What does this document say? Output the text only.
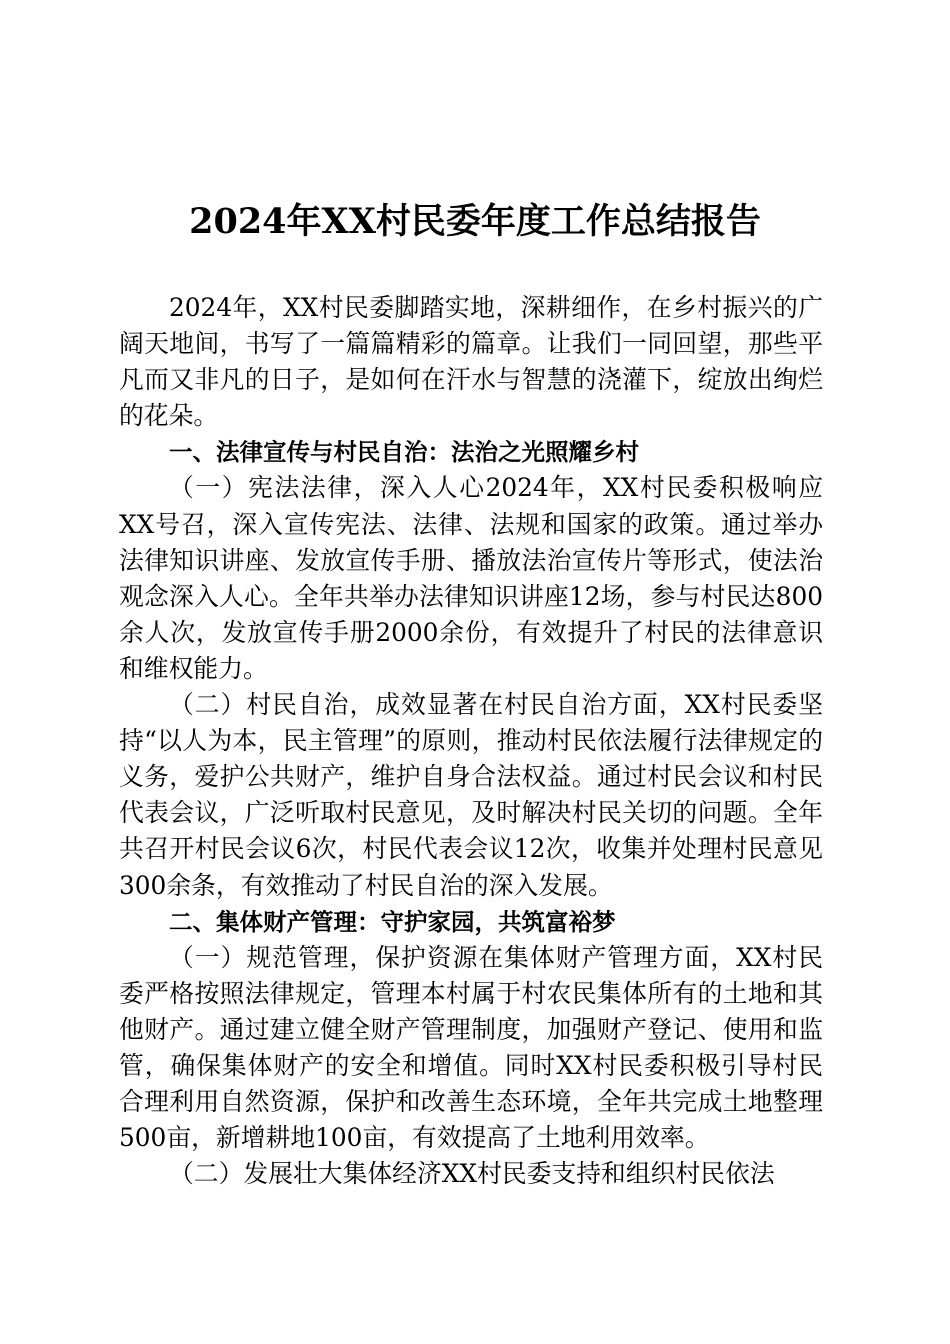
2024年XX村民委年度工作总结报告

2024年，XX村民委脚踏实地，深耕细作，在乡村振兴的广阔天地间，书写了一篇篇精彩的篇章。让我们一同回望，那些平凡而又非凡的日子，是如何在汗水与智慧的浇灌下，绽放出绚烂的花朵。

一、法律宣传与村民自治：法治之光照耀乡村

（一）宪法法律，深入人心2024年，XX村民委积极响应XX号召，深入宣传宪法、法律、法规和国家的政策。通过举办法律知识讲座、发放宣传手册、播放法治宣传片等形式，使法治观念深入人心。全年共举办法律知识讲座12场，参与村民达800余人次，发放宣传手册2000余份，有效提升了村民的法律意识和维权能力。

（二）村民自治，成效显著在村民自治方面，XX村民委坚持“以人为本，民主管理”的原则，推动村民依法履行法律规定的义务，爱护公共财产，维护自身合法权益。通过村民会议和村民代表会议，广泛听取村民意见，及时解决村民关切的问题。全年共召开村民会议6次，村民代表会议12次，收集并处理村民意见300余条，有效推动了村民自治的深入发展。

二、集体财产管理：守护家园，共筑富裕梦

（一）规范管理，保护资源在集体财产管理方面，XX村民委严格按照法律规定，管理本村属于村农民集体所有的土地和其他财产。通过建立健全财产管理制度，加强财产登记、使用和监管，确保集体财产的安全和增值。同时XX村民委积极引导村民合理利用自然资源，保护和改善生态环境，全年共完成土地整理500亩，新增耕地100亩，有效提高了土地利用效率。

（二）发展壮大集体经济XX村民委支持和组织村民依法
